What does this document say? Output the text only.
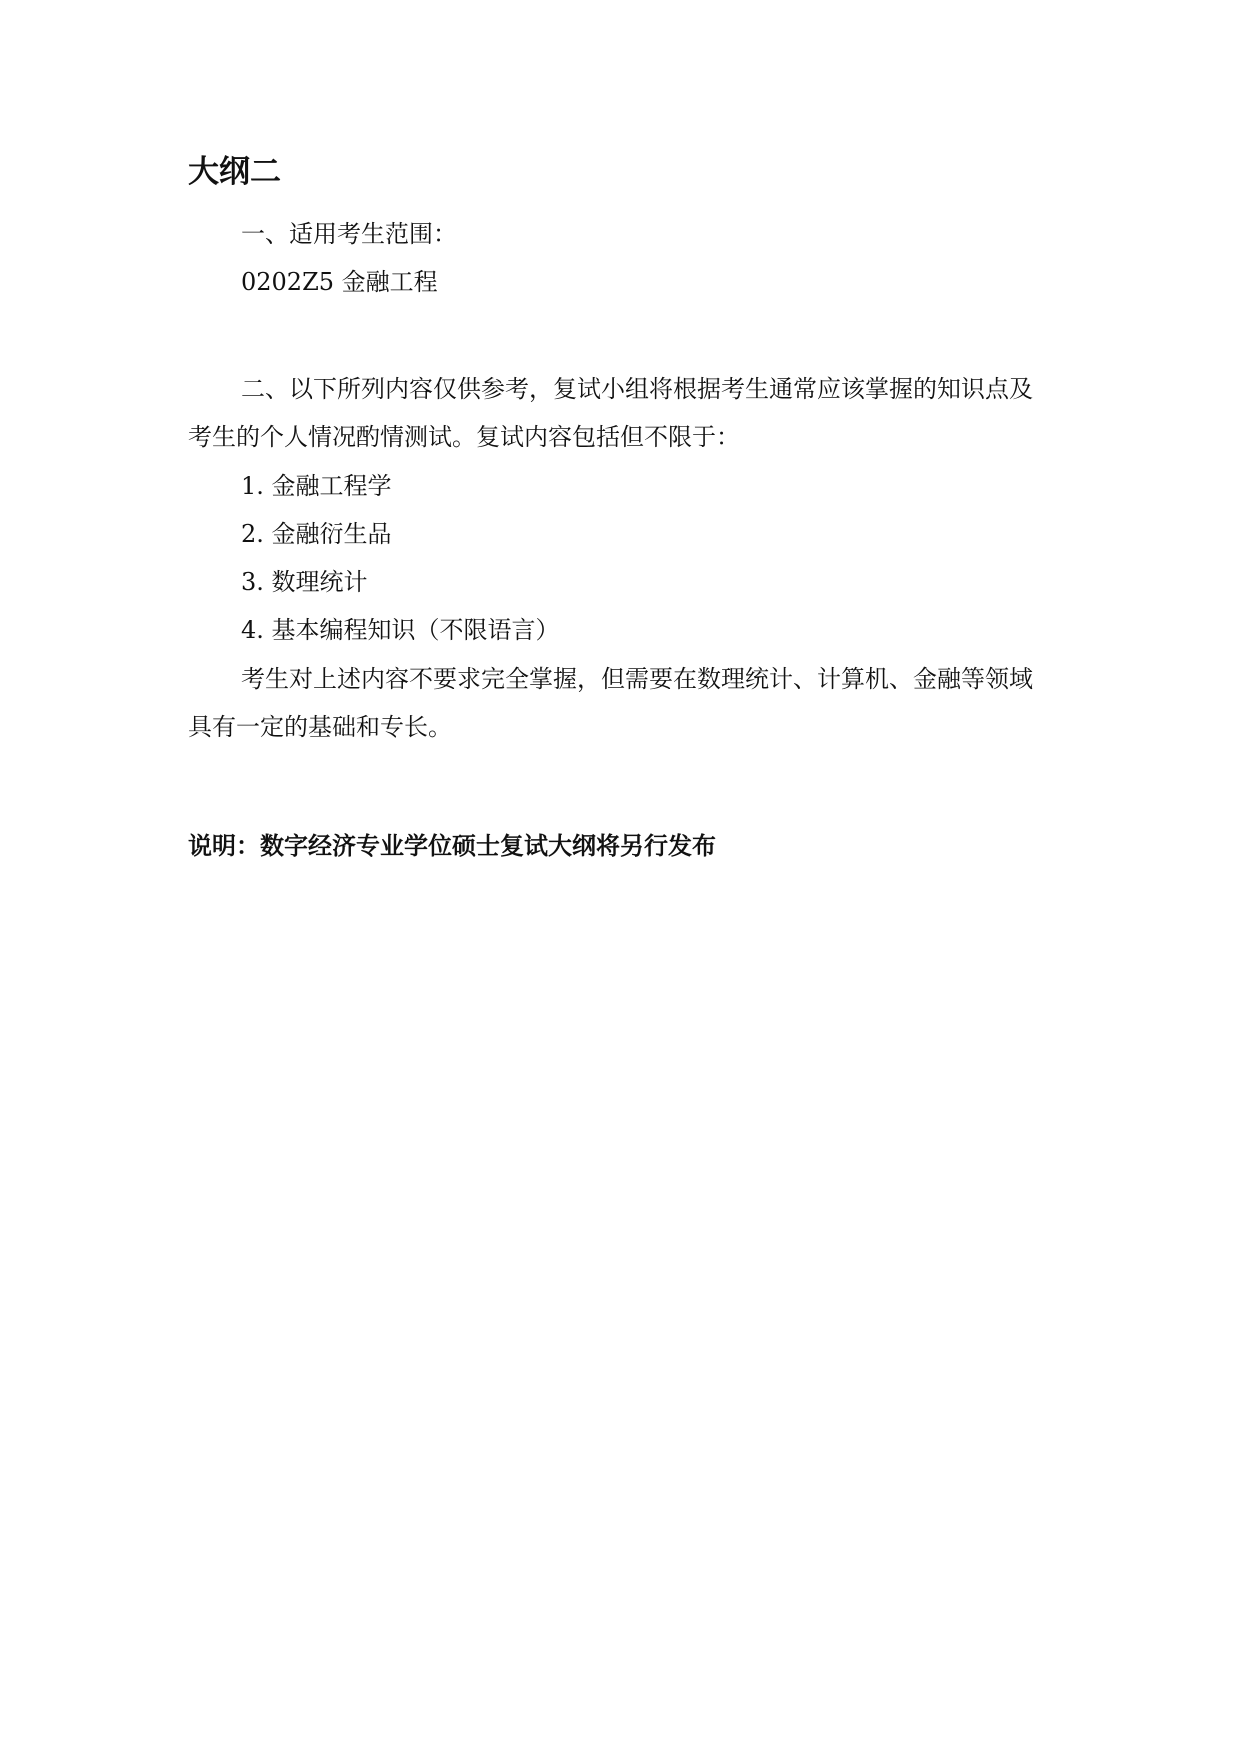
大纲二
一、适用考生范围：
0202Z5 金融工程
二、以下所列内容仅供参考，复试小组将根据考生通常应该掌握的知识点及
考生的个人情况酌情测试。复试内容包括但不限于：
1. 金融工程学
2. 金融衍生品
3. 数理统计
4. 基本编程知识（不限语言）
考生对上述内容不要求完全掌握，但需要在数理统计、计算机、金融等领域
具有一定的基础和专长。
说明：数字经济专业学位硕士复试大纲将另行发布
